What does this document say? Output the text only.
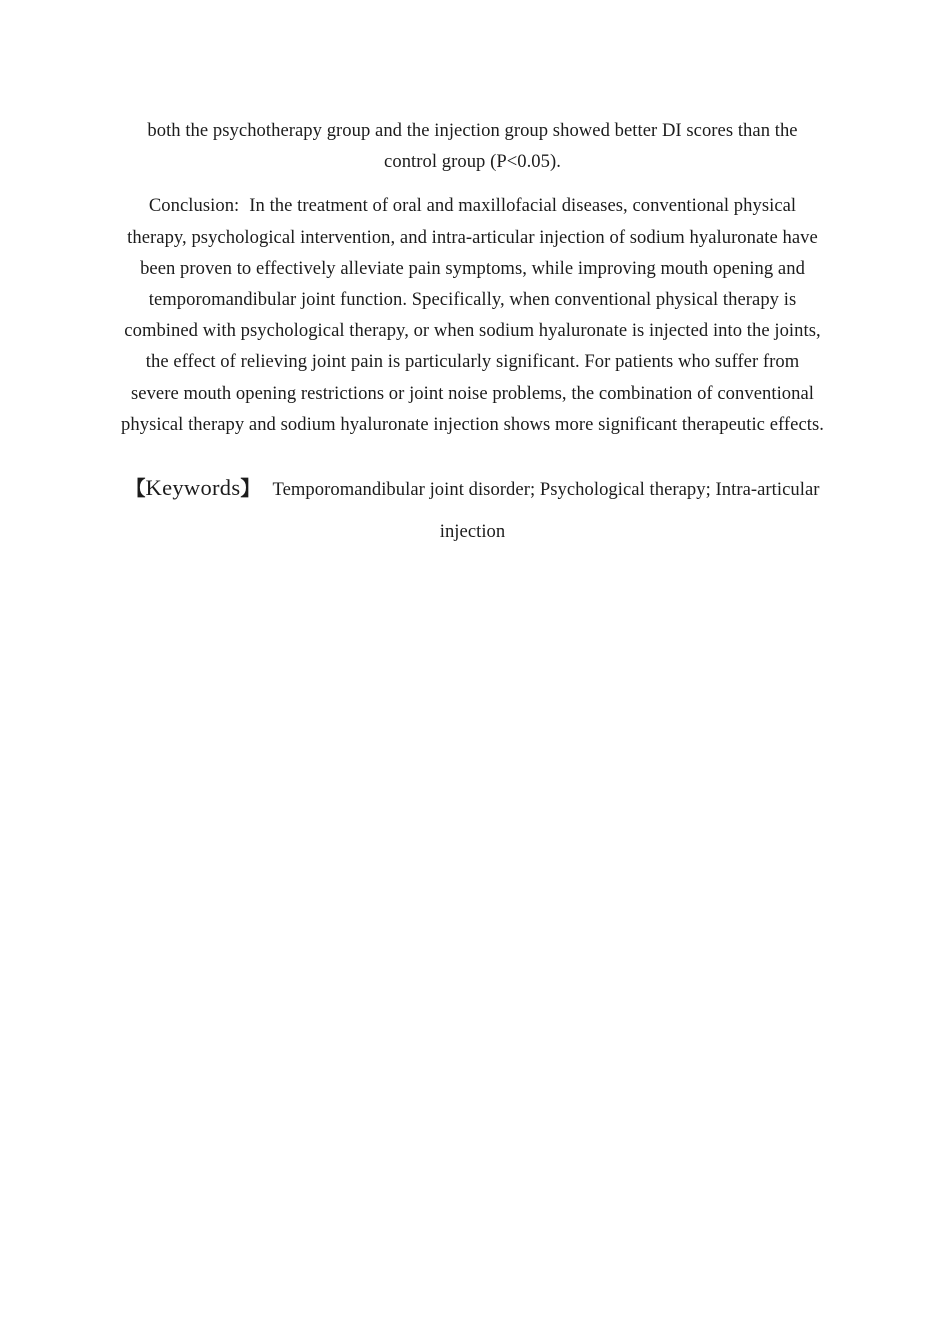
both the psychotherapy group and the injection group showed better DI scores than the control group (P<0.05).

Conclusion: In the treatment of oral and maxillofacial diseases, conventional physical therapy, psychological intervention, and intra-articular injection of sodium hyaluronate have been proven to effectively alleviate pain symptoms, while improving mouth opening and temporomandibular joint function. Specifically, when conventional physical therapy is combined with psychological therapy, or when sodium hyaluronate is injected into the joints, the effect of relieving joint pain is particularly significant. For patients who suffer from severe mouth opening restrictions or joint noise problems, the combination of conventional physical therapy and sodium hyaluronate injection shows more significant therapeutic effects.

【Keywords】 Temporomandibular joint disorder; Psychological therapy; Intra-articular injection
